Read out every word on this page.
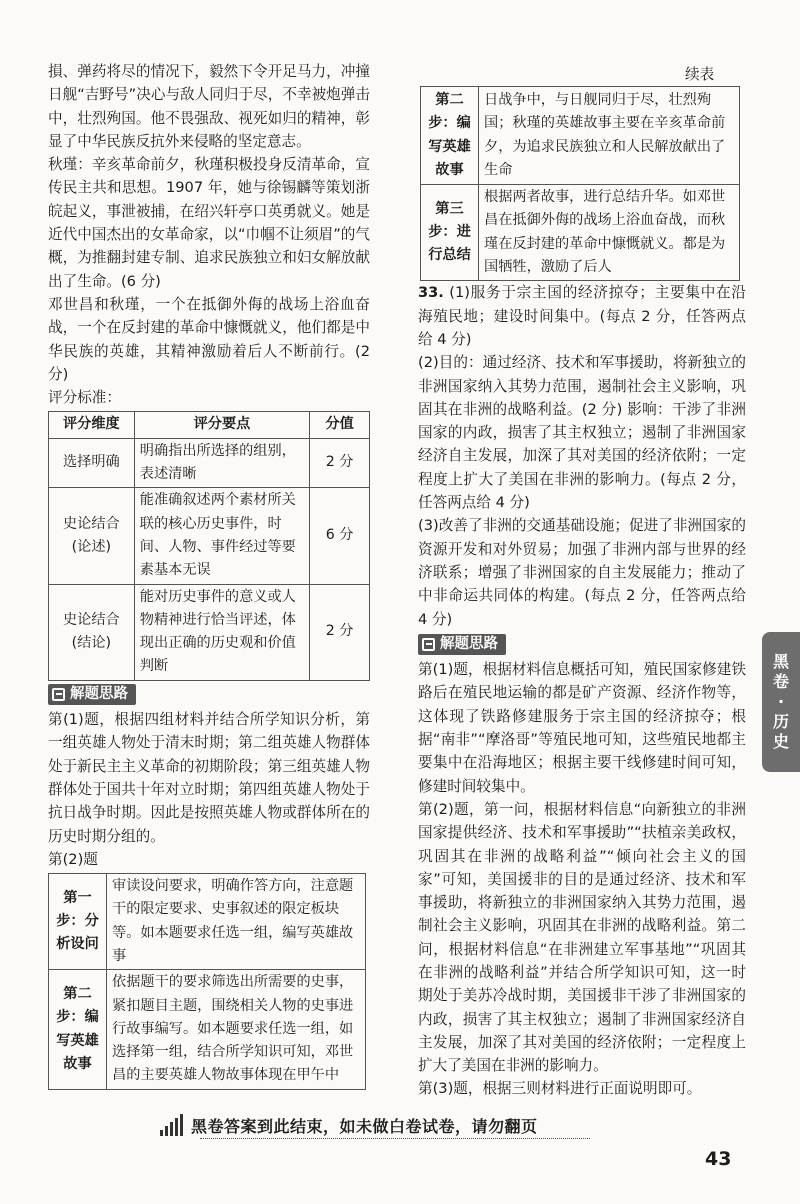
損、弹药将尽的情况下，毅然下令开足马力，冲撞日舰“吉野号”决心与敌人同归于尽，不幸被炮弹击中，壮烈殉国。他不畏强敌、视死如归的精神，彰显了中华民族反抗外来侵略的坚定意志。

秋瑾：辛亥革命前夕，秋瑾积极投身反清革命，宣传民主共和思想。1907 年，她与徐锡麟等策划浙皖起义，事泄被捕，在绍兴轩亭口英勇就义。她是近代中国杰出的女革命家，以“巾帼不让须眉”的气概，为推翻封建专制、追求民族独立和妇女解放献出了生命。(6 分)

邓世昌和秋瑾，一个在抵御外侮的战场上浴血奋战，一个在反封建的革命中慷慨就义，他们都是中华民族的英雄，其精神激励着后人不断前行。(2 分)

评分标准：

评分维度	评分要点	分值
选择明确	明确指出所选择的组别，表述清晰	2 分
史论结合(论述)	能准确叙述两个素材所关联的核心历史事件，时间、人物、事件经过等要素基本无误	6 分
史论结合(结论)	能对历史事件的意义或人物精神进行恰当评述，体现出正确的历史观和价值判断	2 分
解题思路

第(1)题，根据四组材料并结合所学知识分析，第一组英雄人物处于清末时期；第二组英雄人物群体处于新民主主义革命的初期阶段；第三组英雄人物群体处于国共十年对立时期；第四组英雄人物处于抗日战争时期。因此是按照英雄人物或群体所在的历史时期分组的。

第(2)题

第一步：分析设问	审读设问要求，明确作答方向，注意题干的限定要求、史事叙述的限定板块等。如本题要求任选一组，编写英雄故事
第二步：编写英雄故事	依据题干的要求筛选出所需要的史事，紧扣题目主题，围绕相关人物的史事进行故事编写。如本题要求任选一组，如选择第一组，结合所学知识可知，邓世昌的主要英雄人物故事体现在甲午中
续表
第二步：编写英雄故事	日战争中，与日舰同归于尽，壮烈殉国；秋瑾的英雄故事主要在辛亥革命前夕，为追求民族独立和人民解放献出了生命
第三步：进行总结	根据两者故事，进行总结升华。如邓世昌在抵御外侮的战场上浴血奋战，而秋瑾在反封建的革命中慷慨就义。都是为国牺牲，激励了后人

33. (1)服务于宗主国的经济掠夺；主要集中在沿海殖民地；建设时间集中。(每点 2 分，任答两点给 4 分)

(2)目的：通过经济、技术和军事援助，将新独立的非洲国家纳入其势力范围，遏制社会主义影响，巩固其在非洲的战略利益。(2 分) 影响：干涉了非洲国家的内政，损害了其主权独立；遏制了非洲国家经济自主发展，加深了其对美国的经济依附；一定程度上扩大了美国在非洲的影响力。(每点 2 分，任答两点给 4 分)

(3)改善了非洲的交通基础设施；促进了非洲国家的资源开发和对外贸易；加强了非洲内部与世界的经济联系；增强了非洲国家的自主发展能力；推动了中非命运共同体的构建。(每点 2 分，任答两点给 4 分)

解题思路

第(1)题，根据材料信息概括可知，殖民国家修建铁路后在殖民地运输的都是矿产资源、经济作物等，这体现了铁路修建服务于宗主国的经济掠夺；根据“南非”“摩洛哥”等殖民地可知，这些殖民地都主要集中在沿海地区；根据主要干线修建时间可知，修建时间较集中。

第(2)题，第一问，根据材料信息“向新独立的非洲国家提供经济、技术和军事援助”“扶植亲美政权，巩固其在非洲的战略利益”“倾向社会主义的国家”可知，美国援非的目的是通过经济、技术和军事援助，将新独立的非洲国家纳入其势力范围，遏制社会主义影响，巩固其在非洲的战略利益。第二问，根据材料信息“在非洲建立军事基地”“巩固其在非洲的战略利益”并结合所学知识可知，这一时期处于美苏冷战时期，美国援非干涉了非洲国家的内政，损害了其主权独立；遏制了非洲国家经济自主发展，加深了其对美国的经济依附；一定程度上扩大了美国在非洲的影响力。

第(3)题，根据三则材料进行正面说明即可。

黑
卷
·
历
史
黑卷答案到此结束，如未做白卷试卷，请勿翻页
43
